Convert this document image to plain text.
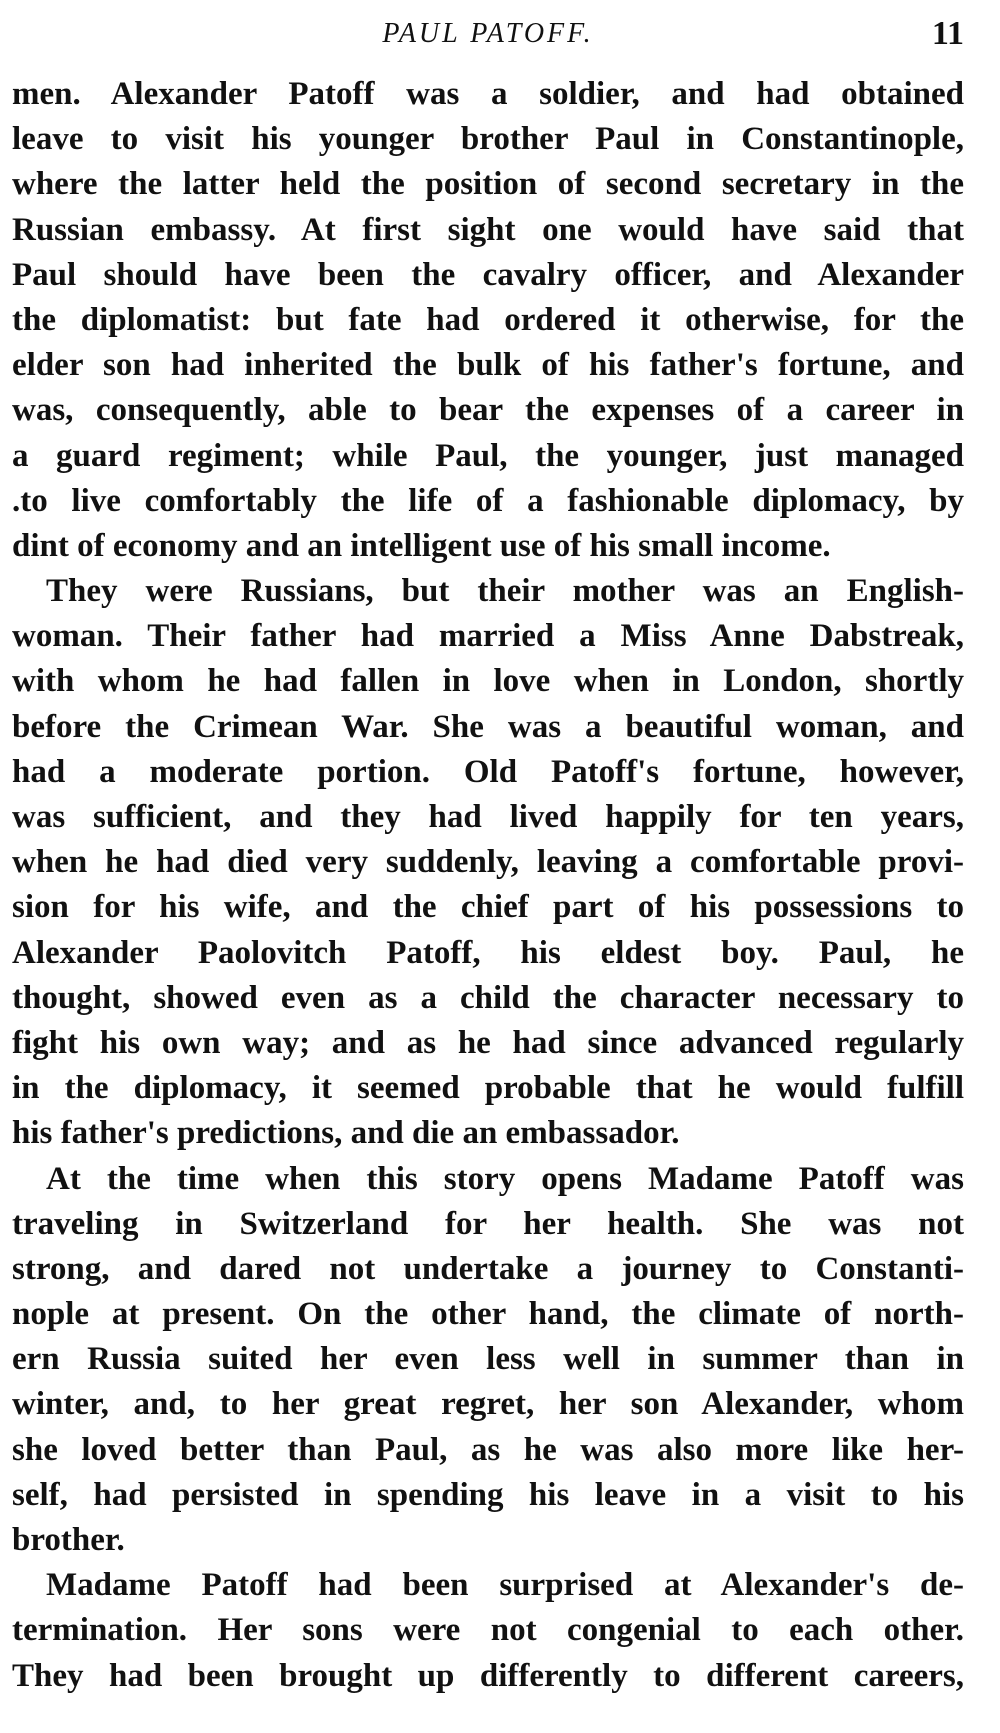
PAUL PATOFF.	11
men. Alexander Patoff was a soldier, and had obtained
leave to visit his younger brother Paul in Constantinople,
where the latter held the position of second secretary in the
Russian embassy. At first sight one would have said that
Paul should have been the cavalry officer, and Alexander
the diplomatist: but fate had ordered it otherwise, for the
elder son had inherited the bulk of his father's fortune, and
was, consequently, able to bear the expenses of a career in
a guard regiment; while Paul, the younger, just managed
.to live comfortably the life of a fashionable diplomacy, by
dint of economy and an intelligent use of his small income.
They were Russians, but their mother was an English-
woman. Their father had married a Miss Anne Dabstreak,
with whom he had fallen in love when in London, shortly
before the Crimean War. She was a beautiful woman, and
had a moderate portion. Old Patoff's fortune, however,
was sufficient, and they had lived happily for ten years,
when he had died very suddenly, leaving a comfortable provi-
sion for his wife, and the chief part of his possessions to
Alexander Paolovitch Patoff, his eldest boy. Paul, he
thought, showed even as a child the character necessary to
fight his own way; and as he had since advanced regularly
in the diplomacy, it seemed probable that he would fulfill
his father's predictions, and die an embassador.
At the time when this story opens Madame Patoff was
traveling in Switzerland for her health. She was not
strong, and dared not undertake a journey to Constanti-
nople at present. On the other hand, the climate of north-
ern Russia suited her even less well in summer than in
winter, and, to her great regret, her son Alexander, whom
she loved better than Paul, as he was also more like her-
self, had persisted in spending his leave in a visit to his
brother.
Madame Patoff had been surprised at Alexander's de-
termination. Her sons were not congenial to each other.
They had been brought up differently to different careers,
